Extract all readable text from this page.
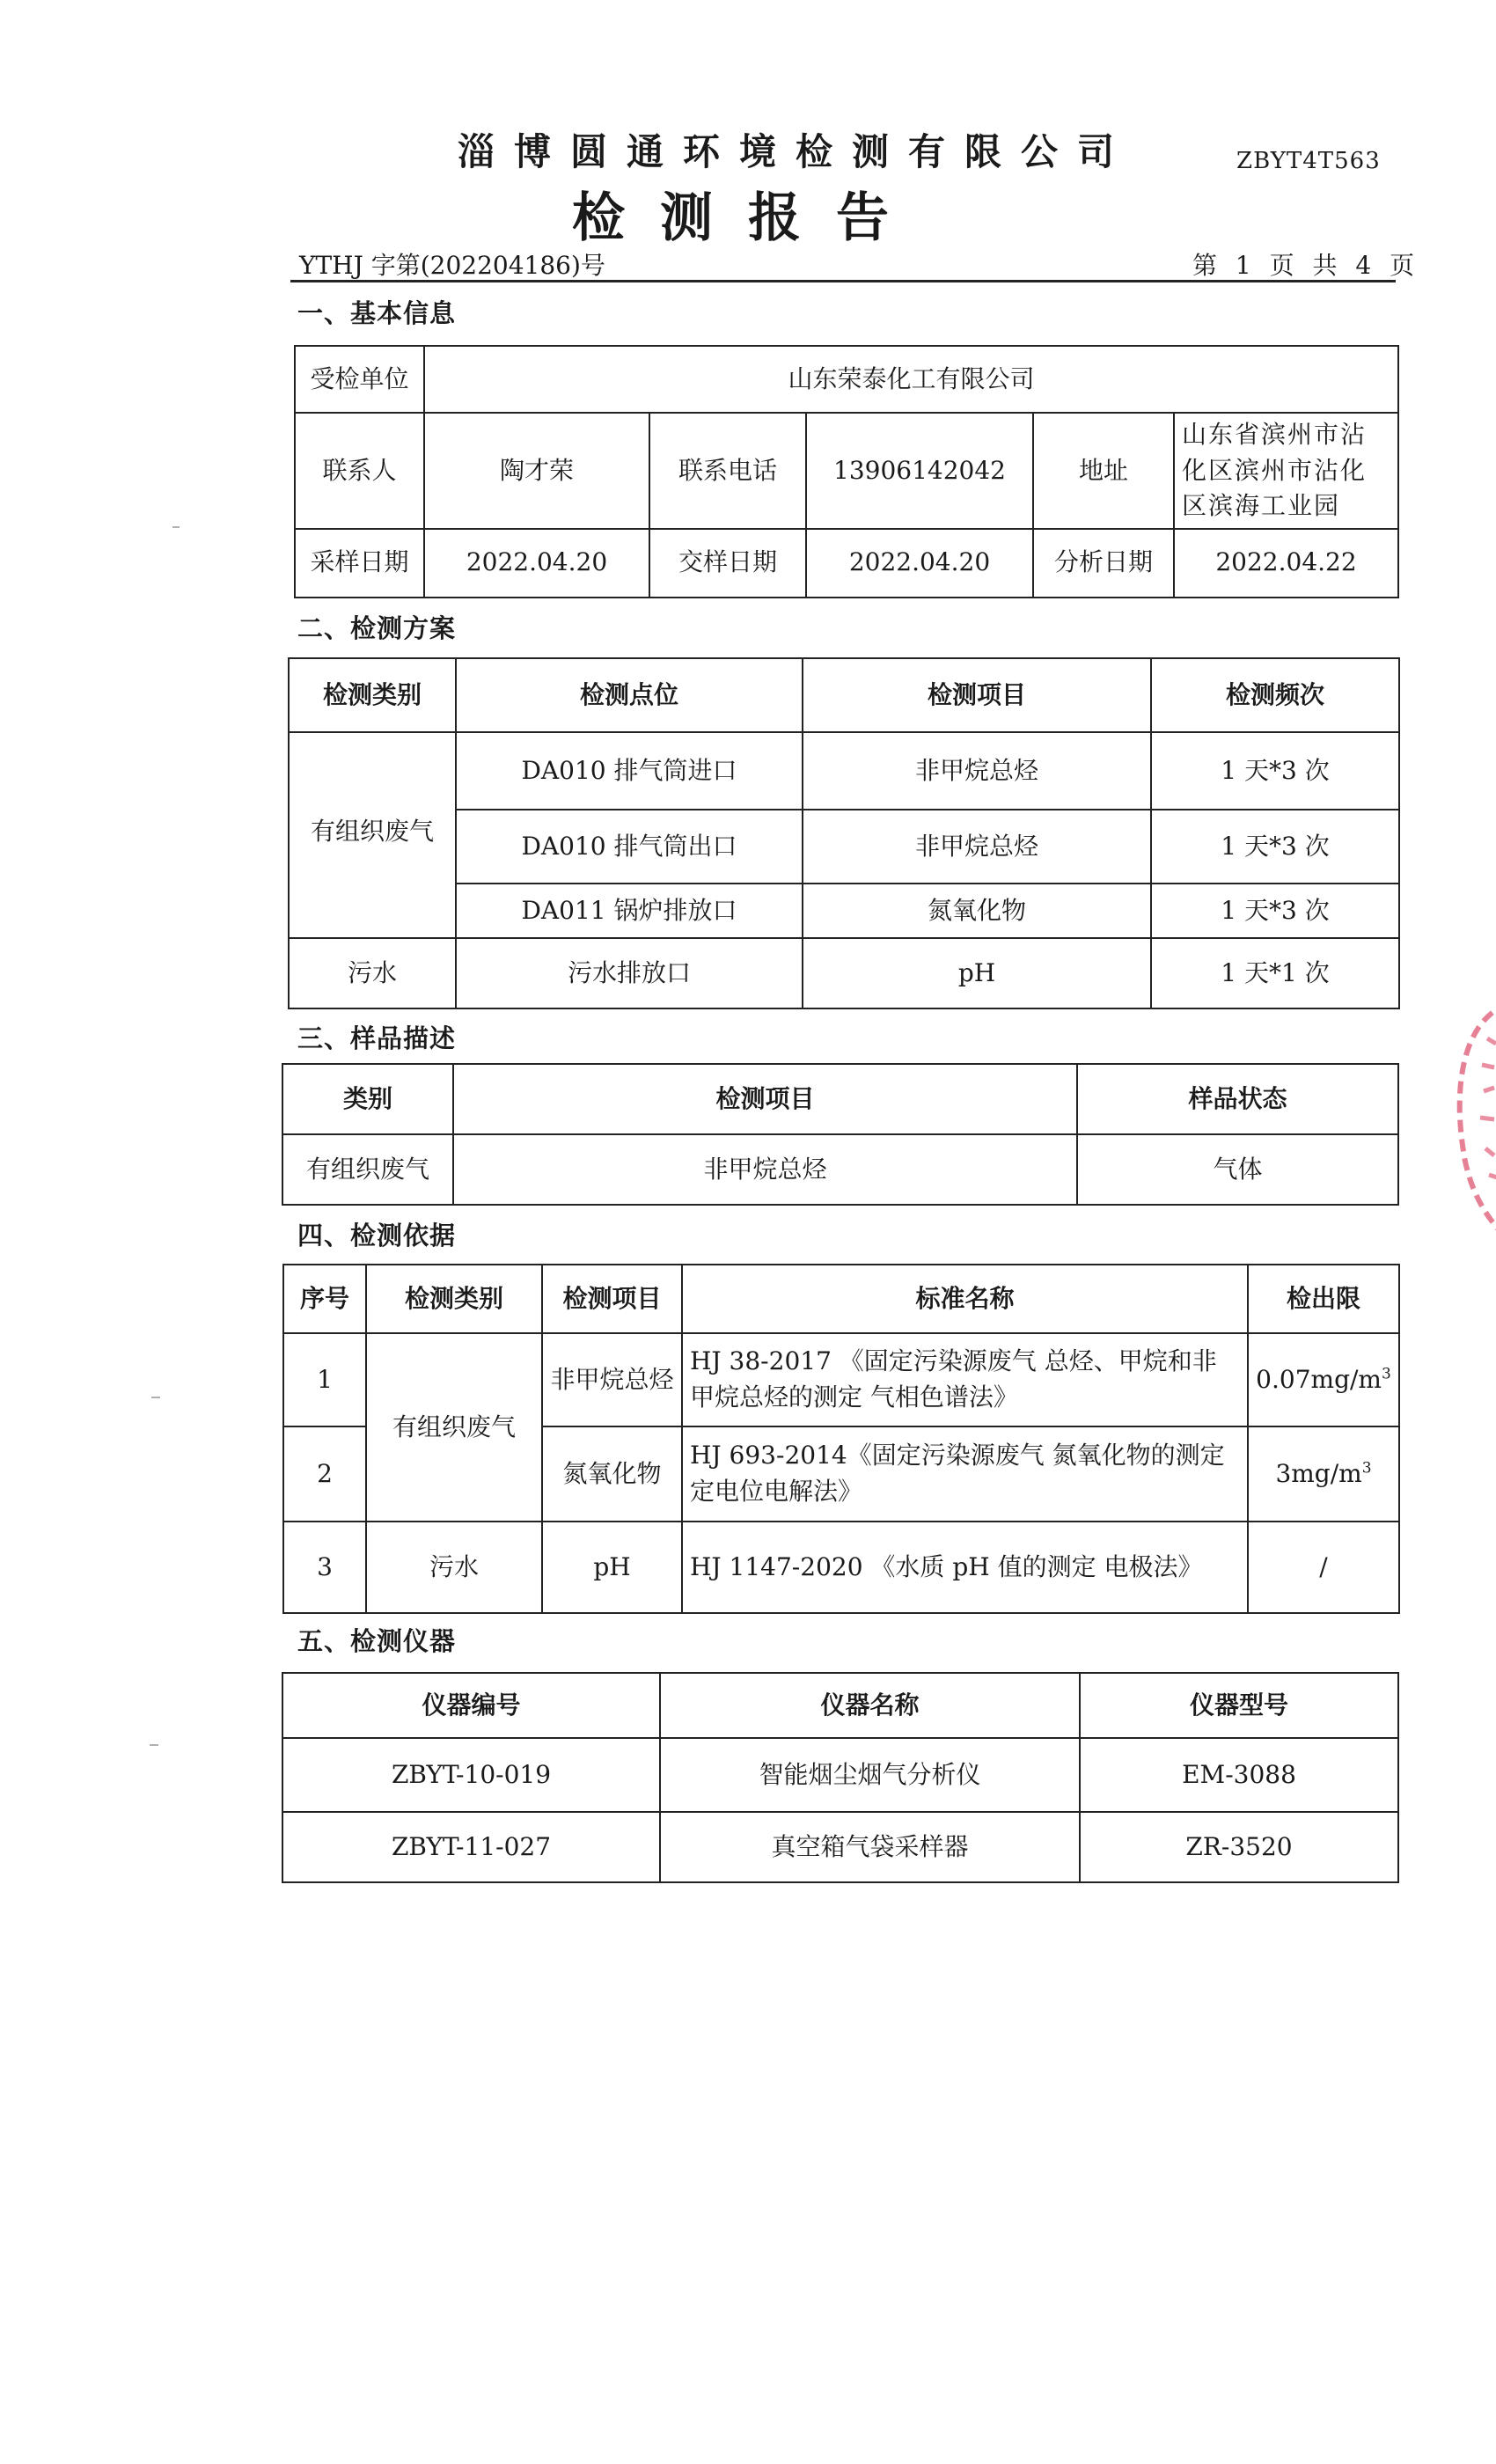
淄博圆通环境检测有限公司	ZBYT4T563
检测报告
YTHJ 字第(202204186)号	第 1 页 共 4 页
一、基本信息
受检单位	山东荣泰化工有限公司				
联系人	陶才荣	联系电话	13906142042	地址	山东省滨州市沾化区滨州市沾化区滨海工业园
采样日期	2022.04.20	交样日期	2022.04.20	分析日期	2022.04.22
二、检测方案
检测类别	检测点位	检测项目	检测频次
有组织废气	DA010 排气筒进口	非甲烷总烃	1 天*3 次
	DA010 排气筒出口	非甲烷总烃	1 天*3 次
	DA011 锅炉排放口	氮氧化物	1 天*3 次
污水	污水排放口	pH	1 天*1 次
三、样品描述
类别	检测项目	样品状态
有组织废气	非甲烷总烃	气体
四、检测依据
序号	检测类别	检测项目	标准名称	检出限
1	有组织废气	非甲烷总烃	HJ 38-2017 《固定污染源废气 总烃、甲烷和非甲烷总烃的测定 气相色谱法》	$0.07mg/m^3$
2		氮氧化物	HJ 693-2014《固定污染源废气 氮氧化物的测定定电位电解法》	$3mg/m^3$
3	污水	pH	HJ 1147-2020 《水质 pH 值的测定 电极法》	/
五、检测仪器
仪器编号	仪器名称	仪器型号
ZBYT-10-019	智能烟尘烟气分析仪	EM-3088
ZBYT-11-027	真空箱气袋采样器	ZR-3520
